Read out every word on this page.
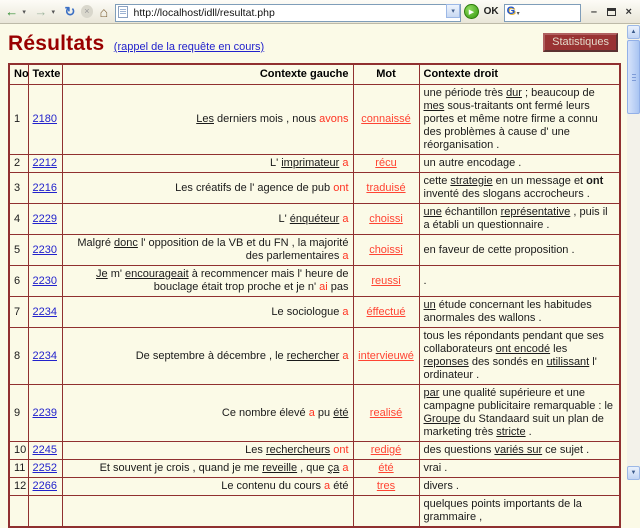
← ▾ → ▾ ↻ × ⌂
http://localhost/idll/resultat.php	▾	▶ OK G ▾	–	×
Résultats (rappel de la requête en cours)	Statistiques
No	Texte	Contexte gauche	Mot	Contexte droit
1	2180	Les derniers mois , nous avons	connaissé	une période très dur ; beaucoup de mes sous-traitants ont fermé leurs portes et même notre firme a connu des problèmes à cause d' une réorganisation .
2	2212	L' imprimateur a	récu	un autre encodage .
3	2216	Les créatifs de l' agence de pub ont	traduisé	cette strategie en un message et ont inventé des slogans accrocheurs .
4	2229	L' énquéteur a	choissi	une échantillon représentative , puis il a établi un questionnaire .
5	2230	Malgré donc l' opposition de la VB et du FN , la majorité des parlementaires a	choissi	en faveur de cette proposition .
6	2230	Je m' encourageait à recommencer mais l' heure de bouclage était trop proche et je n' ai pas	reussi	.
7	2234	Le sociologue a	éffectué	un étude concernant les habitudes anormales des wallons .
8	2234	De septembre à décembre , le rechercher a	intervieuwé	tous les répondants pendant que ses collaborateurs ont encodé les reponses des sondés en utilissant l' ordinateur .
9	2239	Ce nombre élevé a pu été	realisé	par une qualité supérieure et une campagne publicitaire remarquable : le Groupe du Standaard suit un plan de marketing très stricte .
10	2245	Les rechercheurs ont	redigé	des questions variés sur ce sujet .
11	2252	Et souvent je crois , quand je me reveille , que ça a	été	vrai .
12	2266	Le contenu du cours a été	tres	divers .
				quelques points importants de la grammaire ,
▲
▼
